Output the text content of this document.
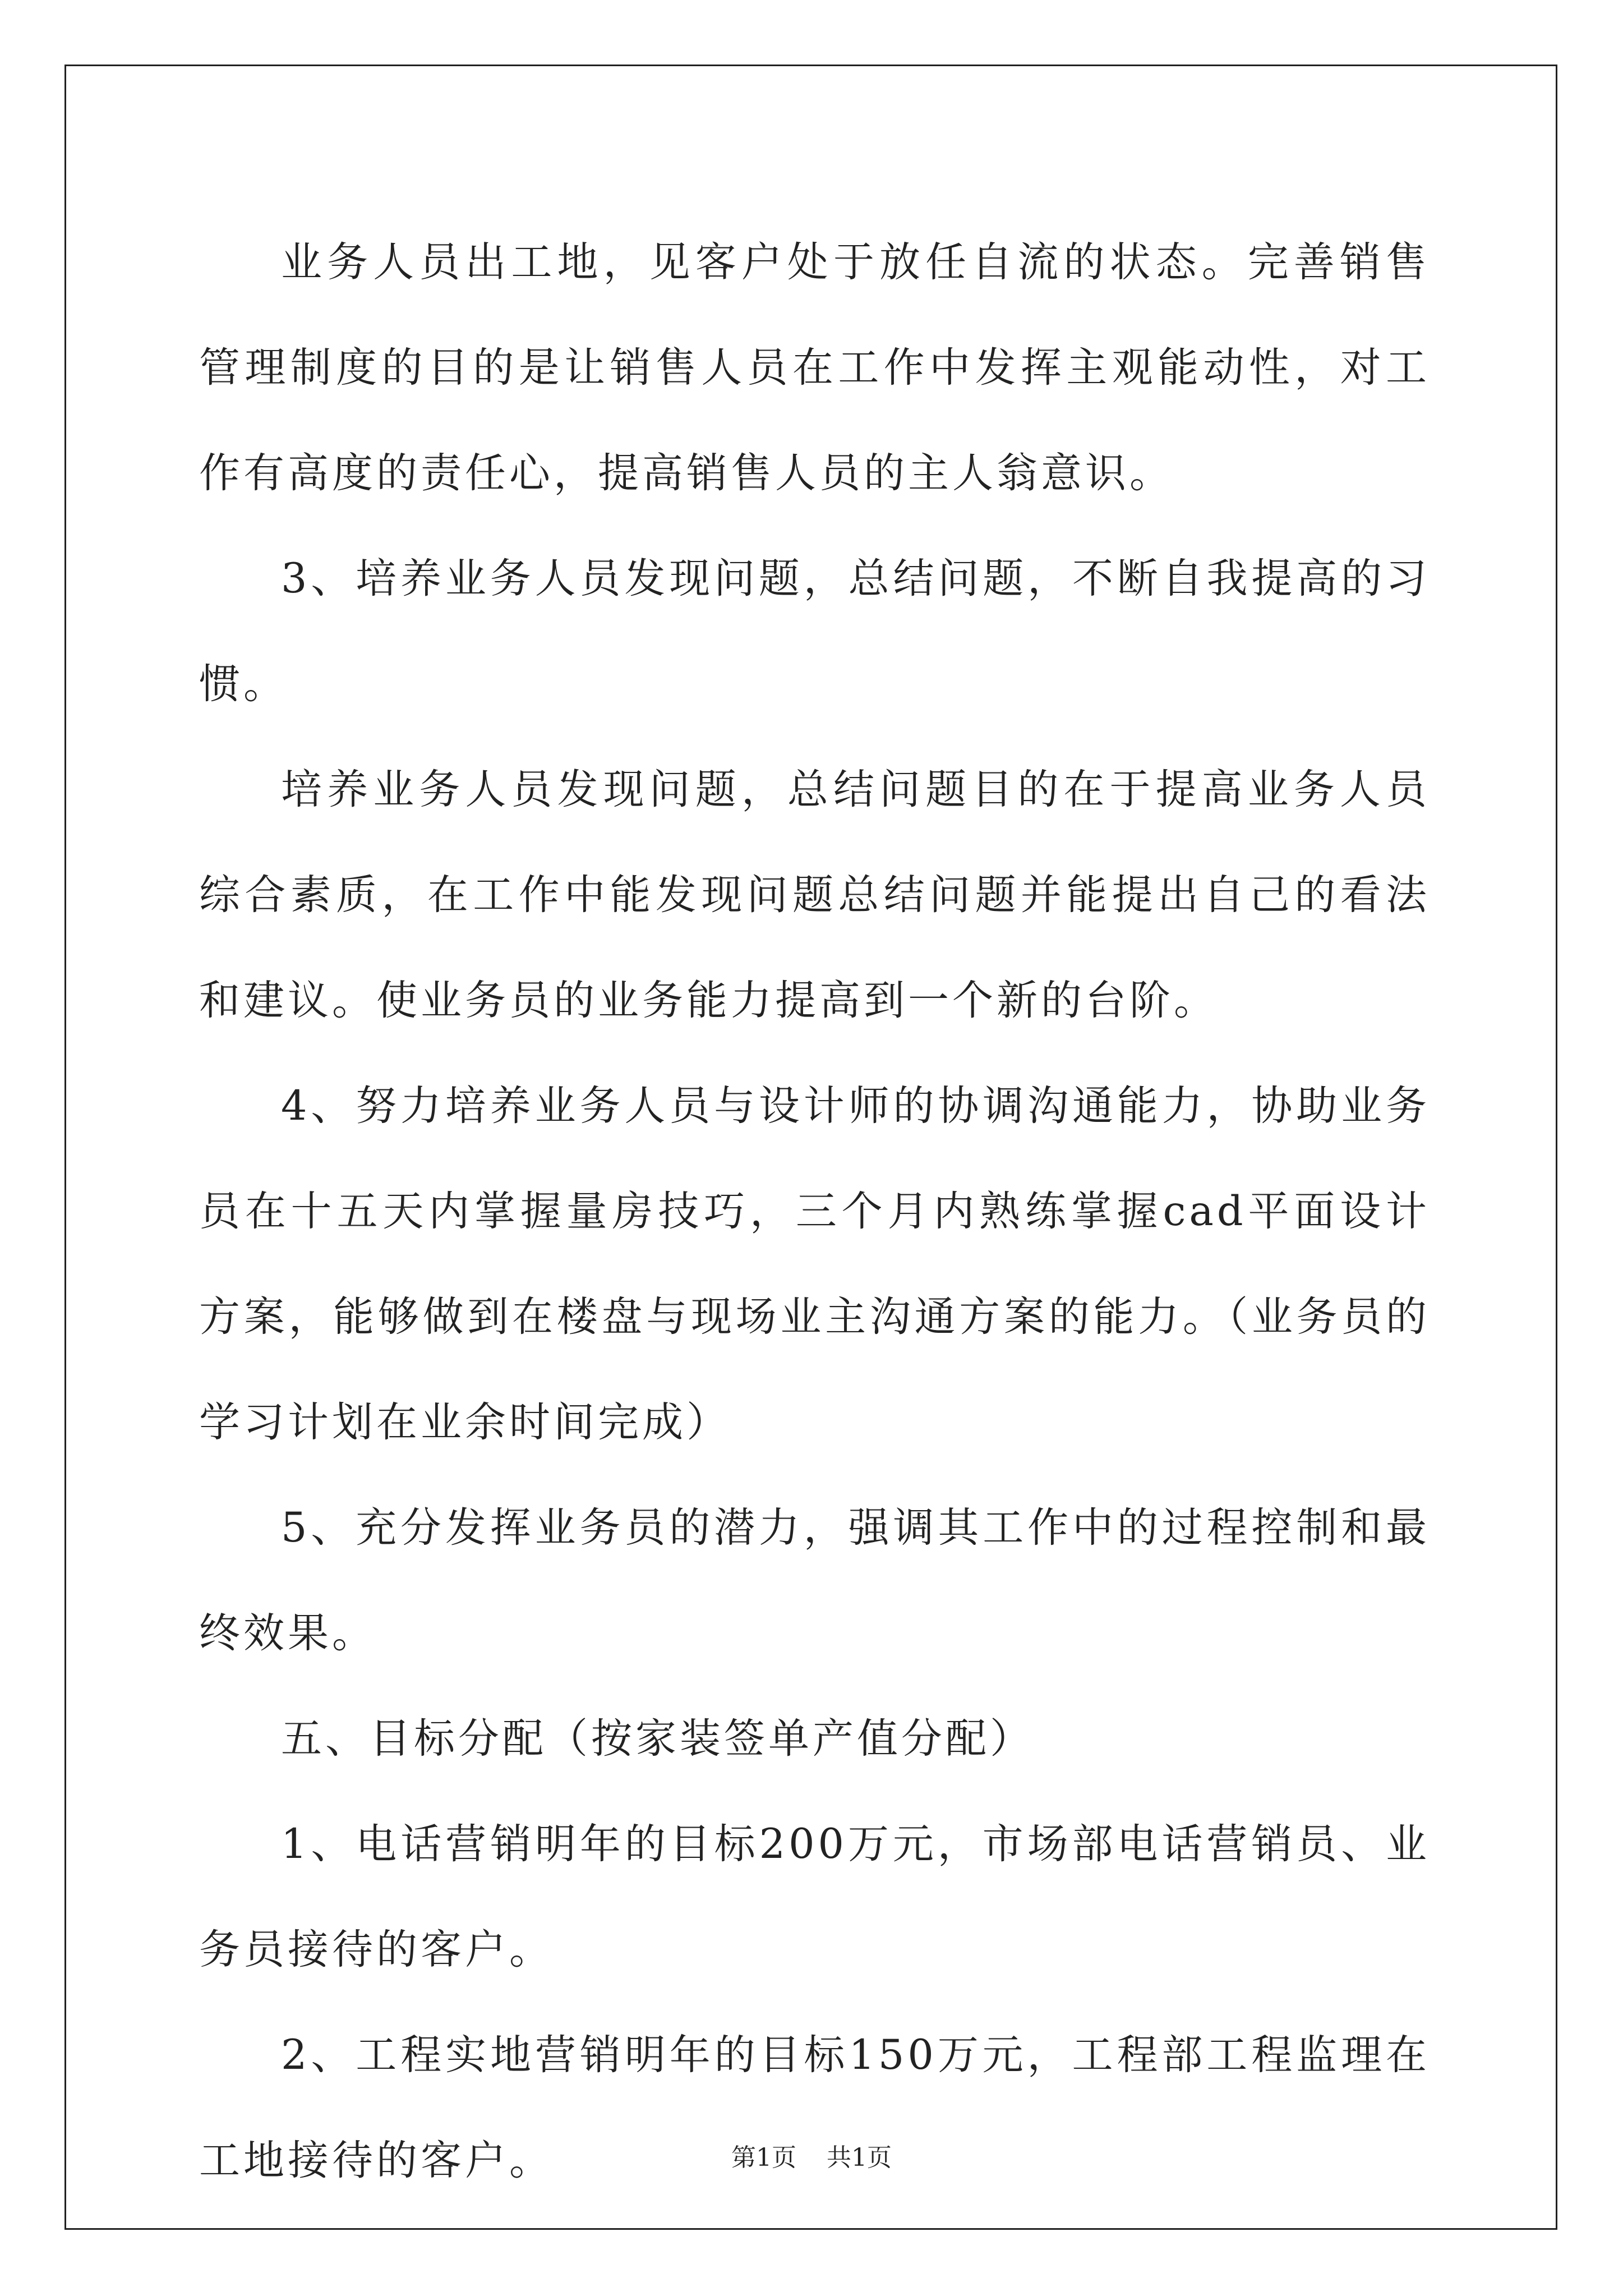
业务人员出工地，见客户处于放任自流的状态。完善销售管理制度的目的是让销售人员在工作中发挥主观能动性，对工作有高度的责任心，提高销售人员的主人翁意识。

3、培养业务人员发现问题，总结问题，不断自我提高的习惯。

培养业务人员发现问题，总结问题目的在于提高业务人员综合素质，在工作中能发现问题总结问题并能提出自己的看法和建议。使业务员的业务能力提高到一个新的台阶。

4、努力培养业务人员与设计师的协调沟通能力，协助业务员在十五天内掌握量房技巧，三个月内熟练掌握cad平面设计方案，能够做到在楼盘与现场业主沟通方案的能力。（业务员的学习计划在业余时间完成）

5、充分发挥业务员的潜力，强调其工作中的过程控制和最终效果。

五、目标分配（按家装签单产值分配）

1、电话营销明年的目标200万元，市场部电话营销员、业务员接待的客户。

2、工程实地营销明年的目标150万元，工程部工程监理在工地接待的客户。	第1页 共1页
